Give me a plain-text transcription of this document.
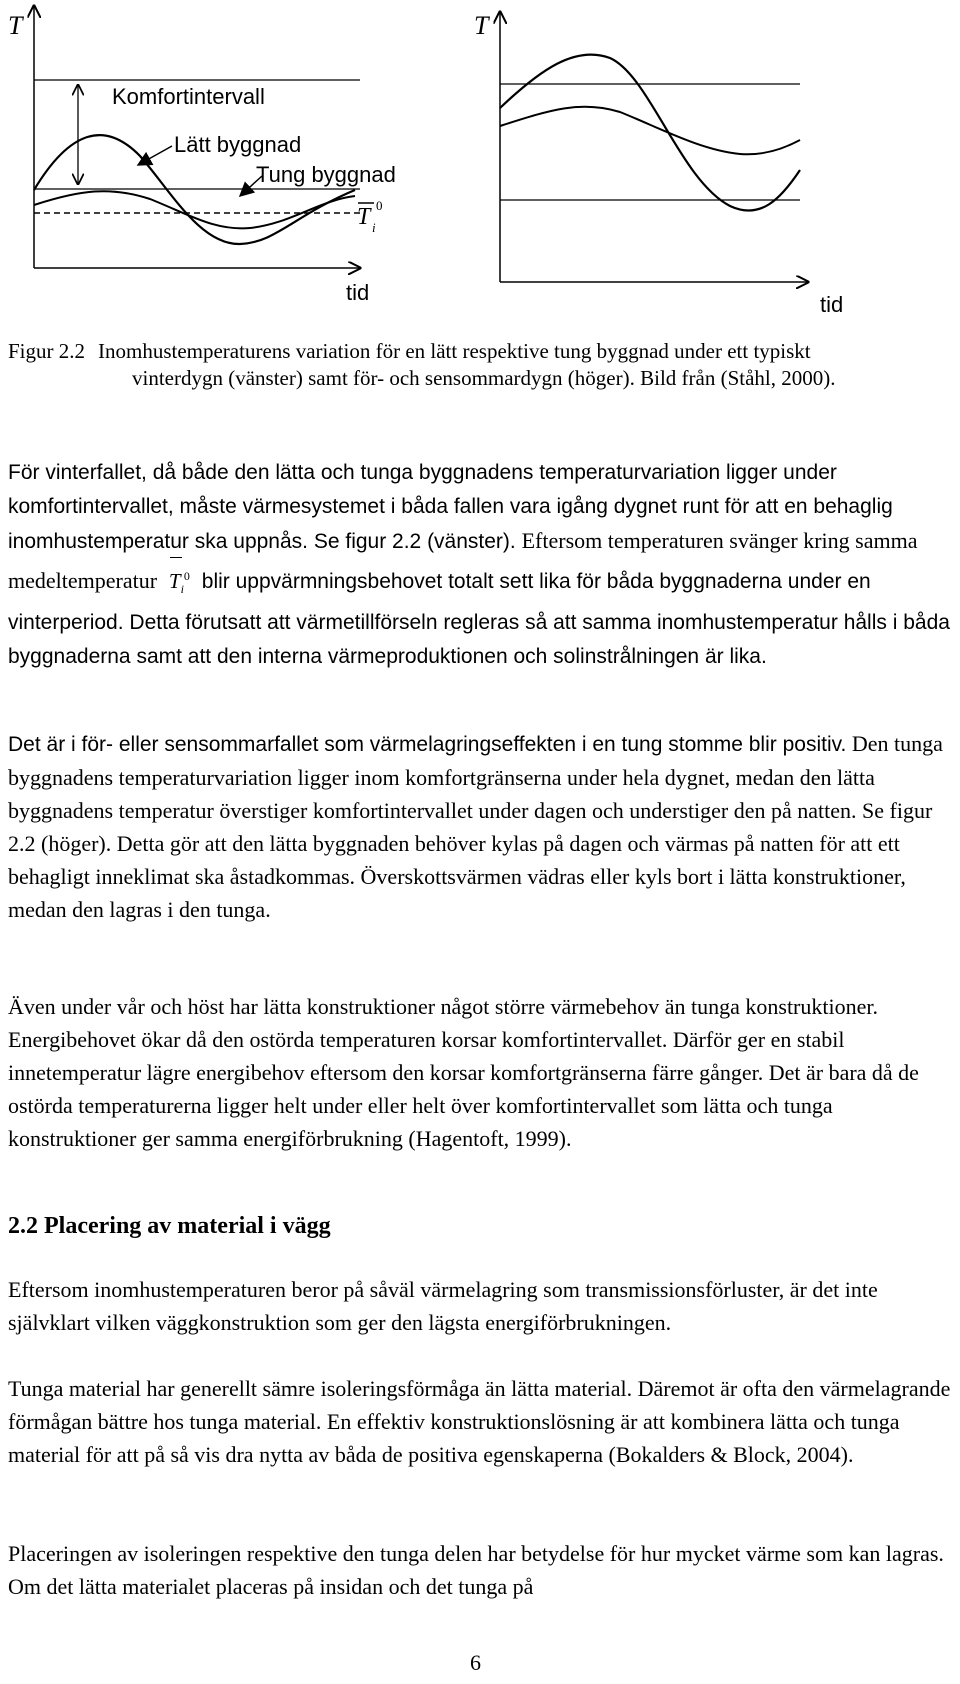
T
tid
Komfortintervall
Lätt byggnad
Tung byggnad
T i
0
T
tid
Figur 2.2 Inomhustemperaturens variation för en lätt respektive tung byggnad under ett typiskt
vinterdygn (vänster) samt för- och sensommardygn (höger). Bild från (Ståhl, 2000).

För vinterfallet, då både den lätta och tunga byggnadens temperaturvariation ligger under komfortintervallet, måste värmesystemet i båda fallen vara igång dygnet runt för att en behaglig inomhustemperatur ska uppnås. Se figur 2.2 (vänster). Eftersom temperaturen svänger kring samma medeltemperatur $T_i^0$ blir uppvärmningsbehovet totalt sett lika för båda byggnaderna under en vinterperiod. Detta förutsatt att värmetillförseln regleras så att samma inomhustemperatur hålls i båda byggnaderna samt att den interna värmeproduktionen och solinstrålningen är lika.

Det är i för- eller sensommarfallet som värmelagringseffekten i en tung stomme blir positiv. Den tunga byggnadens temperaturvariation ligger inom komfortgränserna under hela dygnet, medan den lätta byggnadens temperatur överstiger komfortintervallet under dagen och understiger den på natten. Se figur 2.2 (höger). Detta gör att den lätta byggnaden behöver kylas på dagen och värmas på natten för att ett behagligt inneklimat ska åstadkommas. Överskottsvärmen vädras eller kyls bort i lätta konstruktioner, medan den lagras i den tunga.

Även under vår och höst har lätta konstruktioner något större värmebehov än tunga konstruktioner. Energibehovet ökar då den ostörda temperaturen korsar komfortintervallet. Därför ger en stabil innetemperatur lägre energibehov eftersom den korsar komfortgränserna färre gånger. Det är bara då de ostörda temperaturerna ligger helt under eller helt över komfortintervallet som lätta och tunga konstruktioner ger samma energiförbrukning (Hagentoft, 1999).

2.2 Placering av material i vägg

Eftersom inomhustemperaturen beror på såväl värmelagring som transmissionsförluster, är det inte självklart vilken väggkonstruktion som ger den lägsta energiförbrukningen.

Tunga material har generellt sämre isoleringsförmåga än lätta material. Däremot är ofta den värmelagrande förmågan bättre hos tunga material. En effektiv konstruktionslösning är att kombinera lätta och tunga material för att på så vis dra nytta av båda de positiva egenskaperna (Bokalders & Block, 2004).

Placeringen av isoleringen respektive den tunga delen har betydelse för hur mycket värme som kan lagras. Om det lätta materialet placeras på insidan och det tunga på

6
